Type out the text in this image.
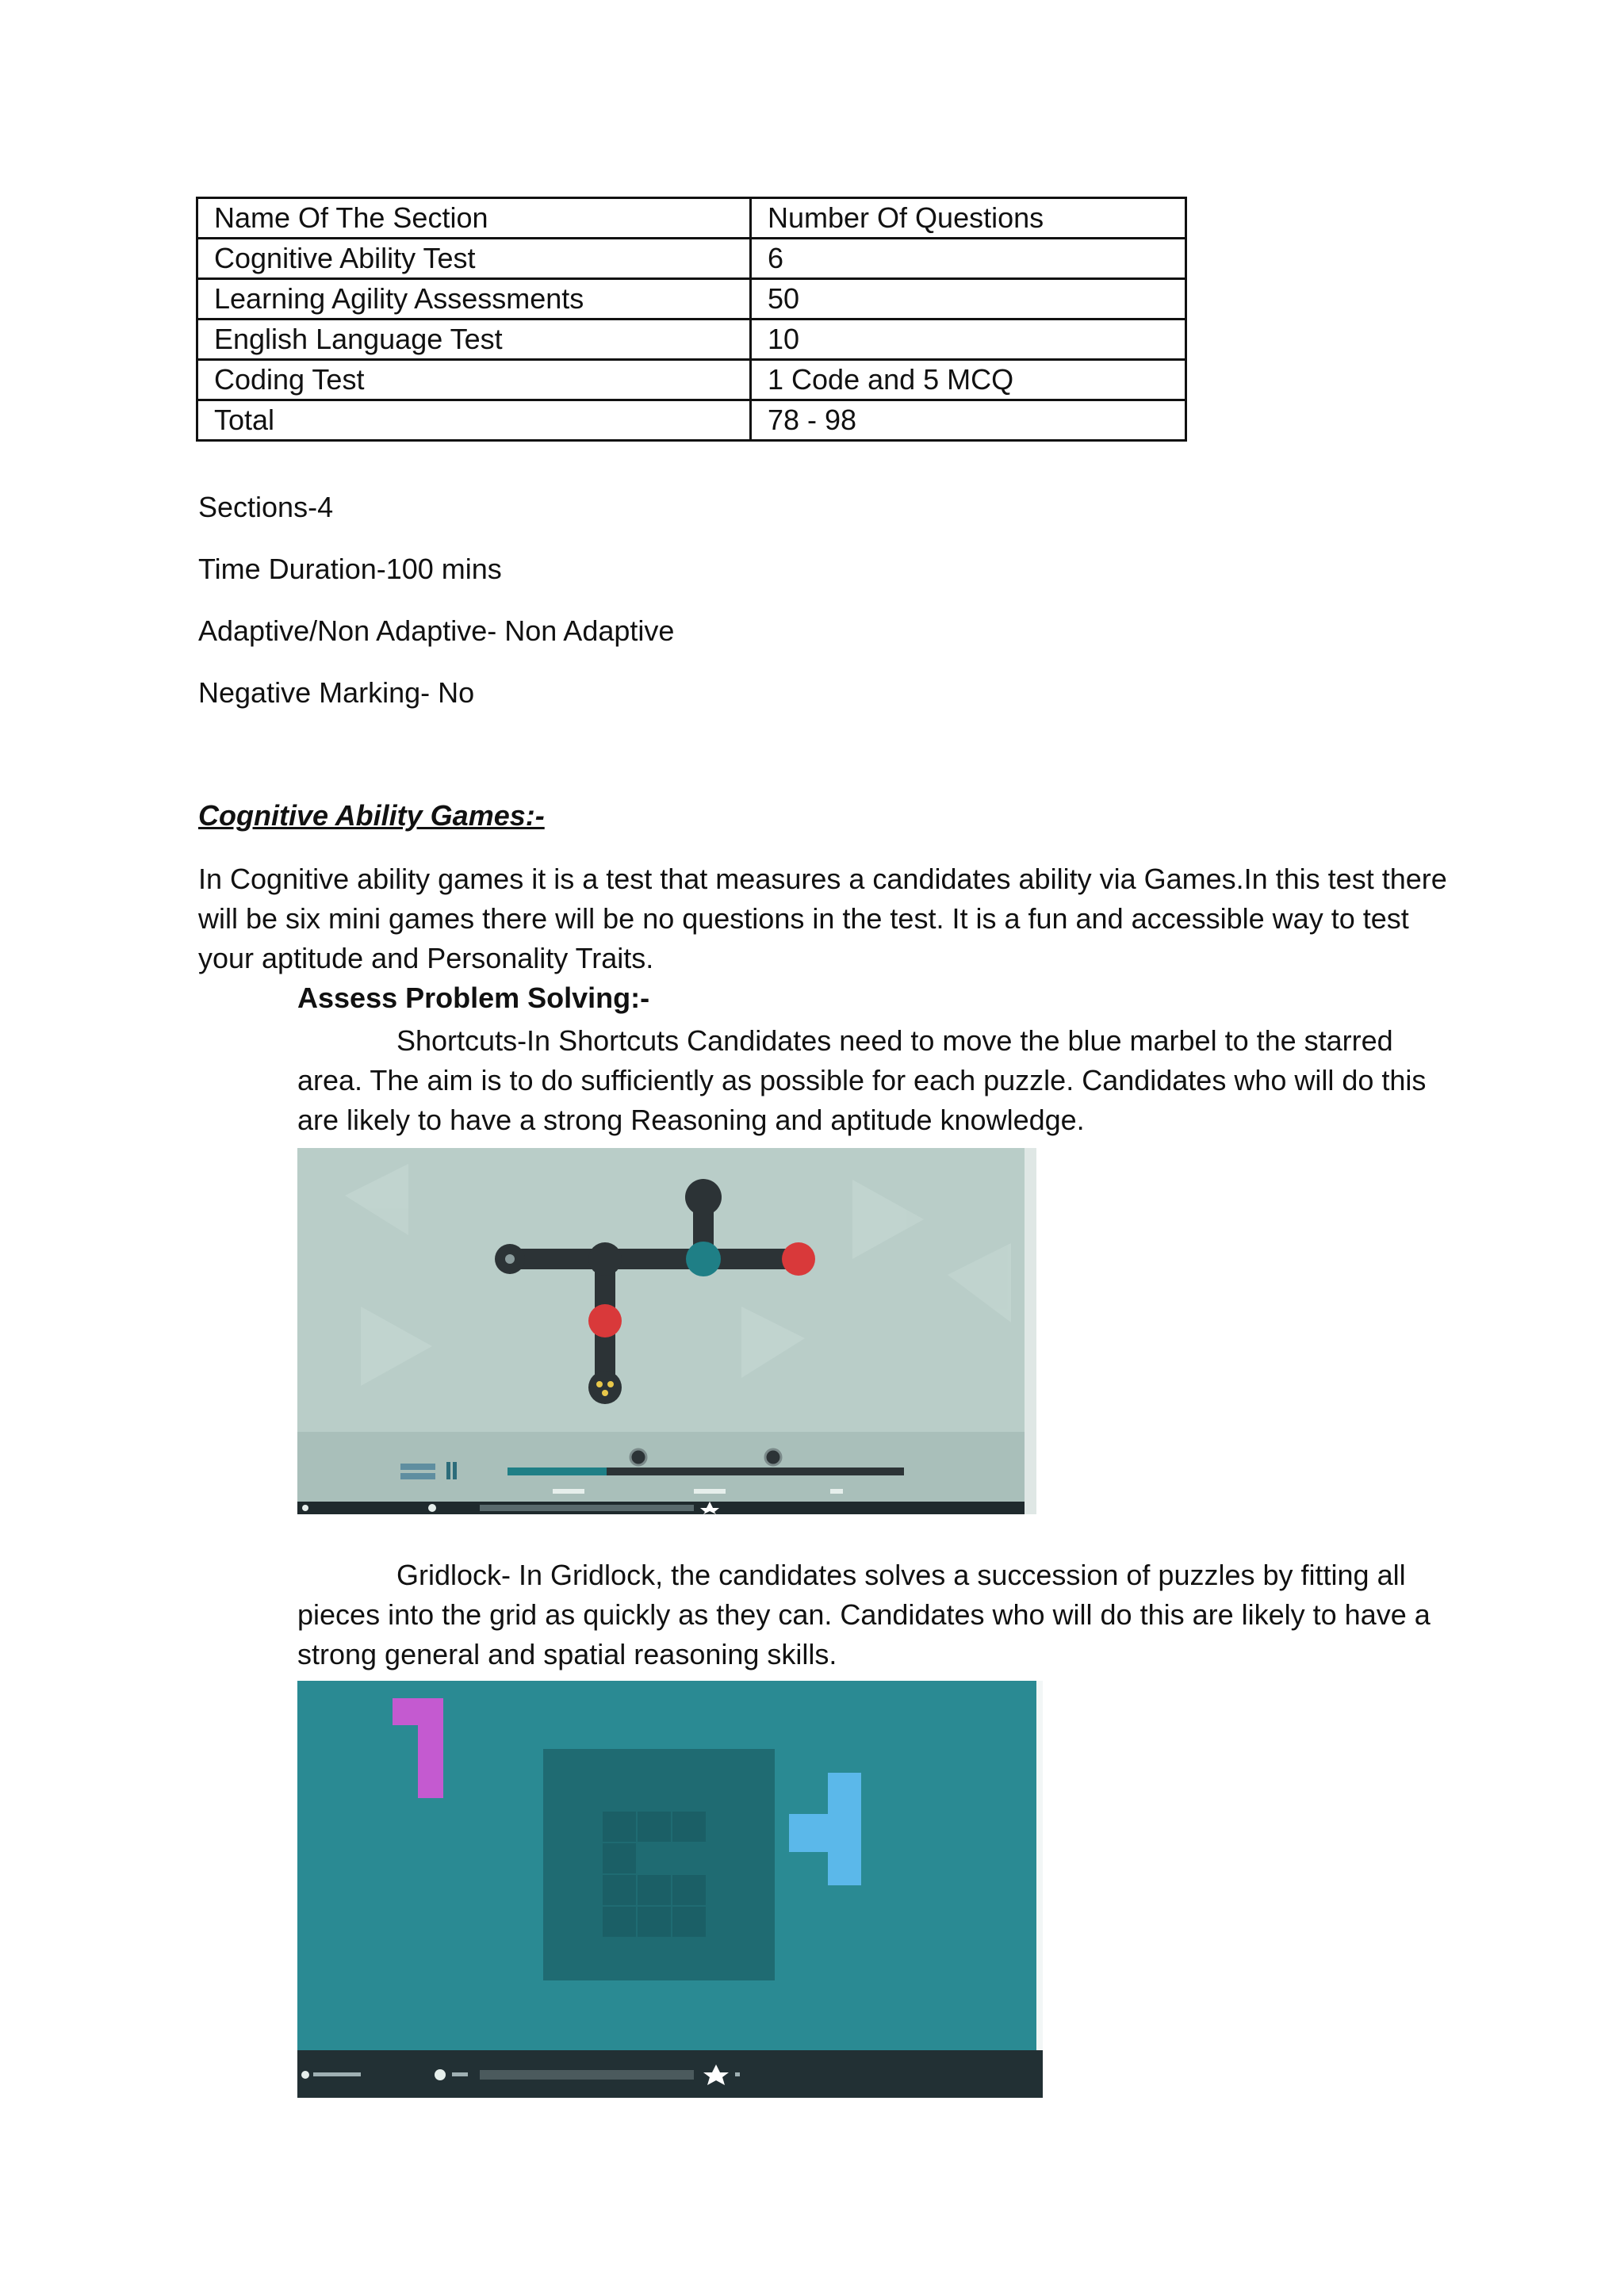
Name Of The Section	Number Of Questions
Cognitive Ability Test	6
Learning Agility Assessments	50
English Language Test	10
Coding Test	1 Code and 5 MCQ
Total	78 - 98
Sections-4
Time Duration-100 mins
Adaptive/Non Adaptive- Non Adaptive
Negative Marking- No
Cognitive Ability Games:-
In Cognitive ability games it is a test that measures a candidates ability via Games.In this test there will be six mini games there will be no questions in the test. It is a fun and accessible way to test your aptitude and Personality Traits.
Assess Problem Solving:-
Shortcuts-In Shortcuts Candidates need to move the blue marbel to the starred area. The aim is to do sufficiently as possible for each puzzle. Candidates who will do this are likely to have a strong Reasoning and aptitude knowledge.
Gridlock- In Gridlock, the candidates solves a succession of puzzles by fitting all pieces into the grid as quickly as they can. Candidates who will do this are likely to have a strong general and spatial reasoning skills.
